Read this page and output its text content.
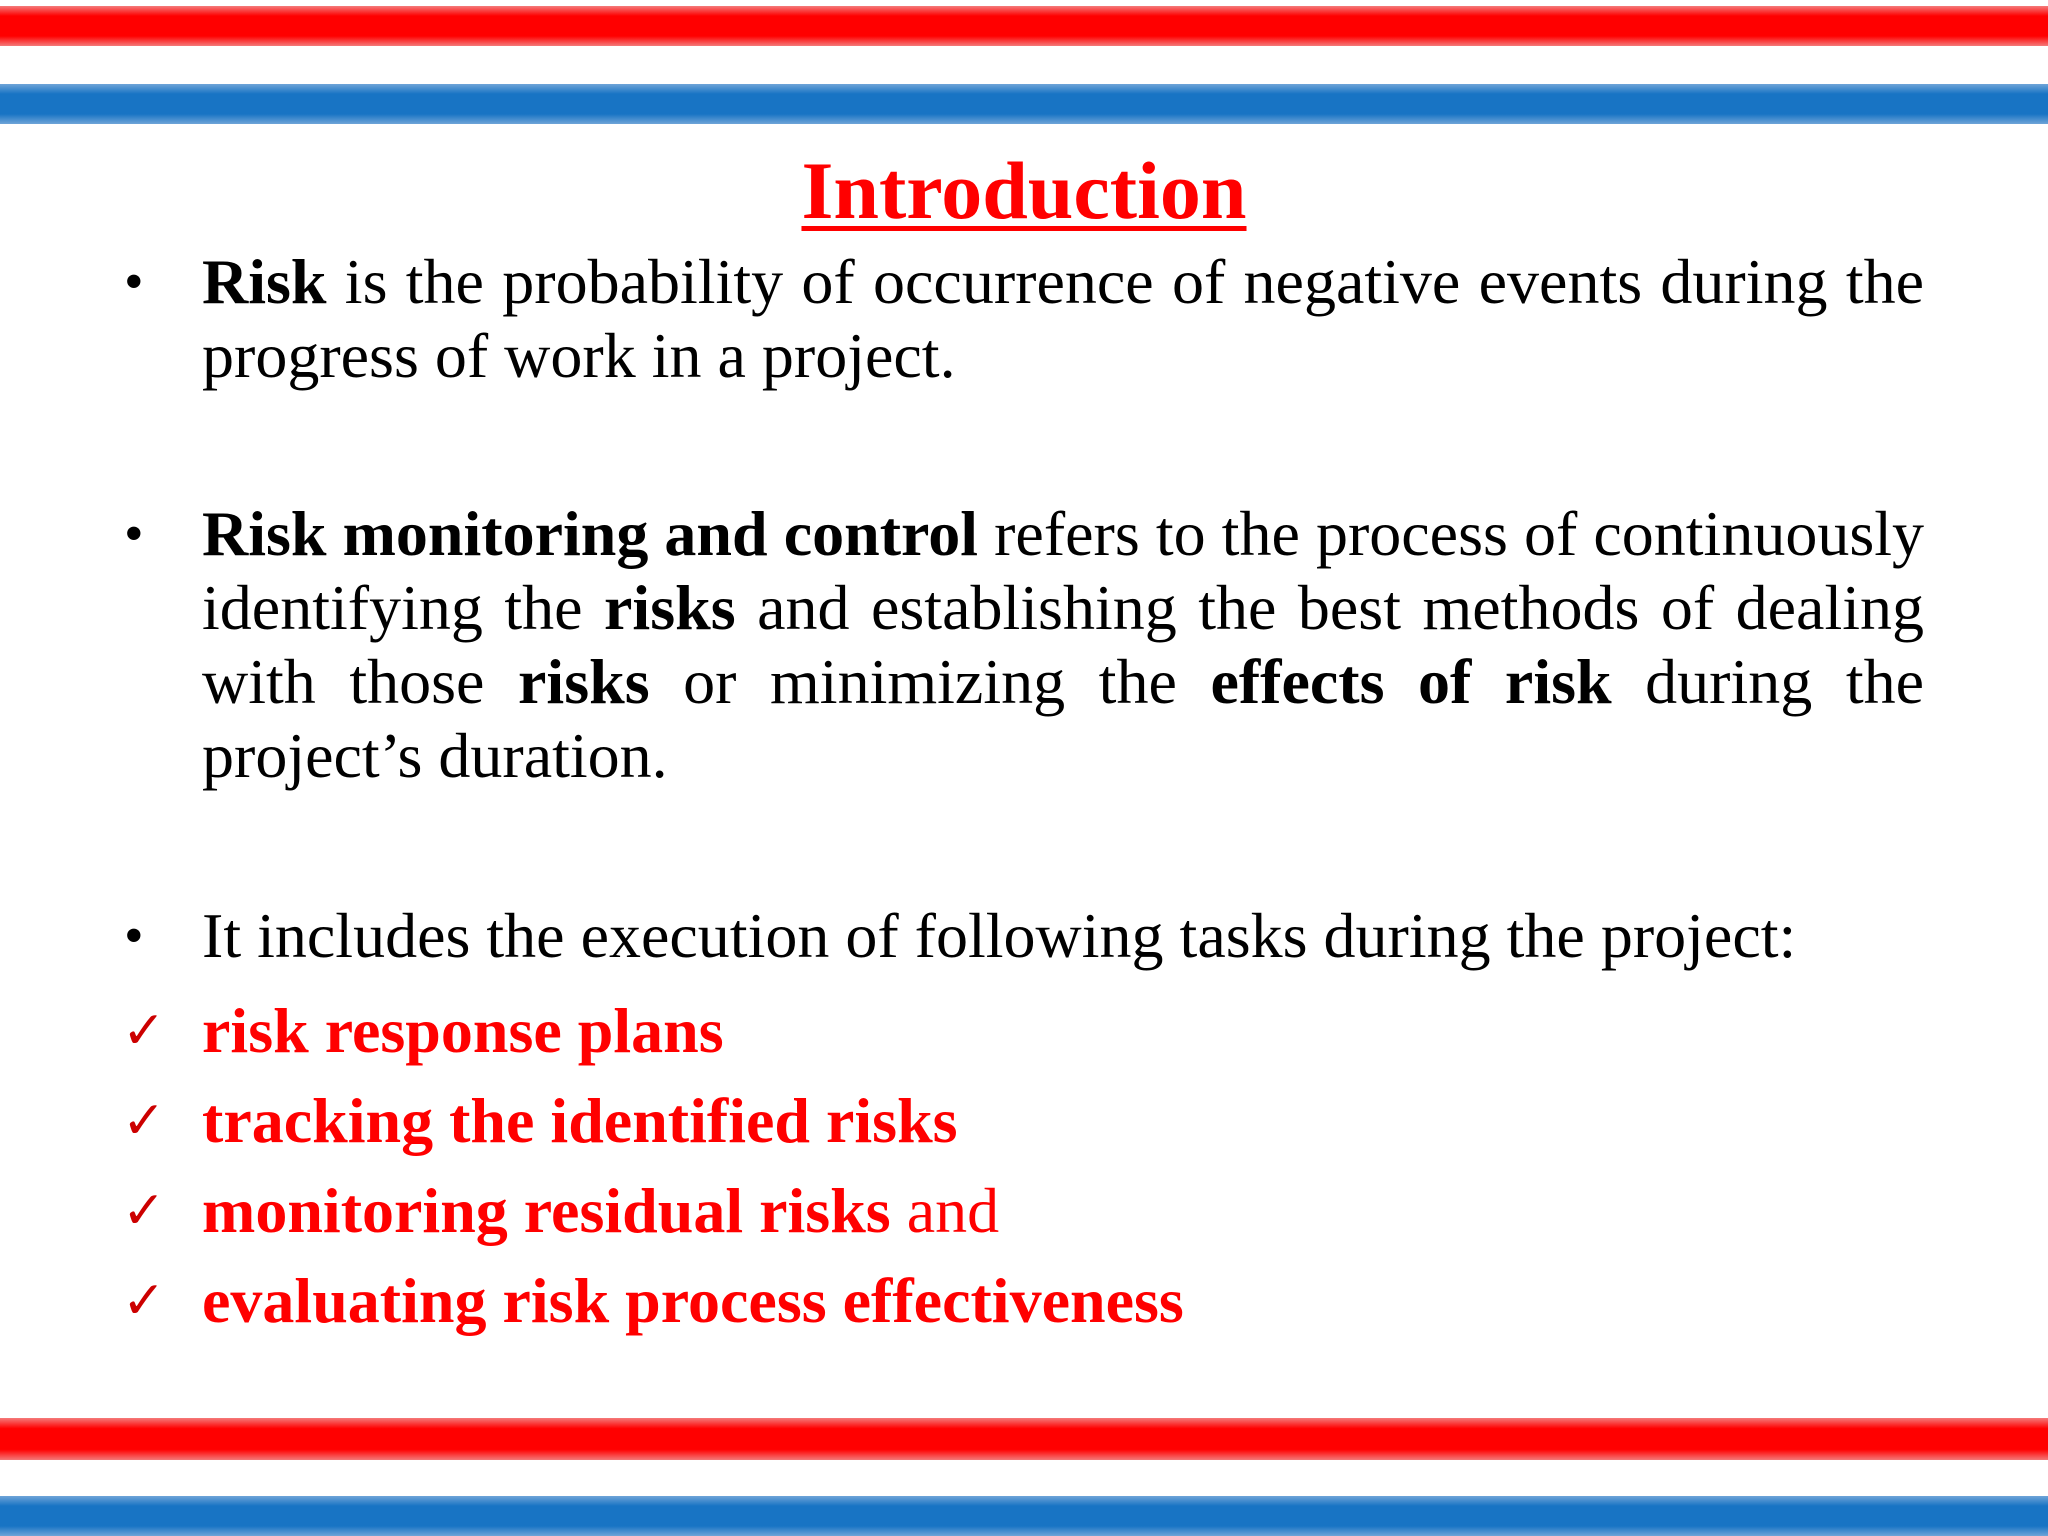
Introduction
• Risk is the probability of occurrence of negative events during the progress of work in a project.
• Risk monitoring and control refers to the process of continuously identifying the risks and establishing the best methods of dealing with those risks or minimizing the effects of risk during the project’s duration.
• It includes the execution of following tasks during the project:
✓ risk response plans
✓ tracking the identified risks
✓ monitoring residual risks and
✓ evaluating risk process effectiveness
